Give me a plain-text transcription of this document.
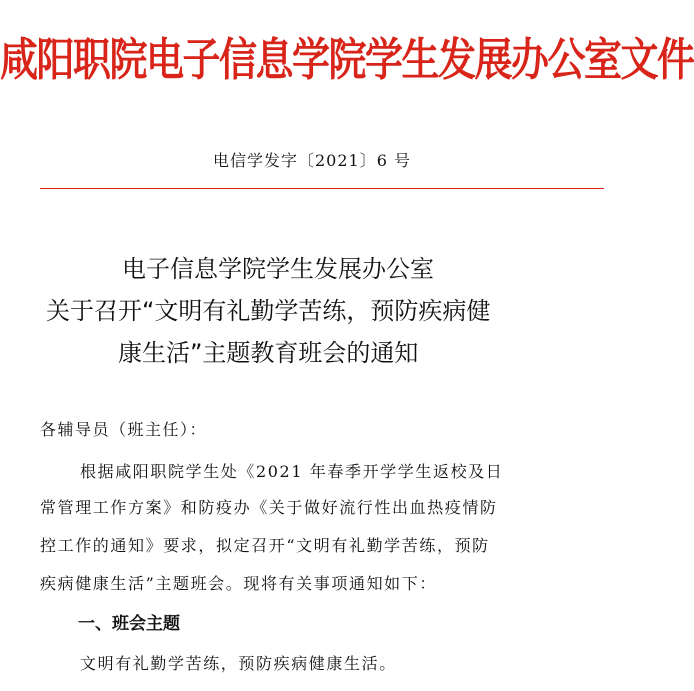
咸阳职院电子信息学院学生发展办公室文件
电信学发字〔2021〕6 号
电子信息学院学生发展办公室
关于召开“文明有礼勤学苦练，预防疾病健
康生活”主题教育班会的通知
各辅导员（班主任）：
根据咸阳职院学生处《2021 年春季开学学生返校及日
常管理工作方案》和防疫办《关于做好流行性出血热疫情防
控工作的通知》要求，拟定召开“文明有礼勤学苦练，预防
疾病健康生活”主题班会。现将有关事项通知如下：
一、班会主题
文明有礼勤学苦练，预防疾病健康生活。
